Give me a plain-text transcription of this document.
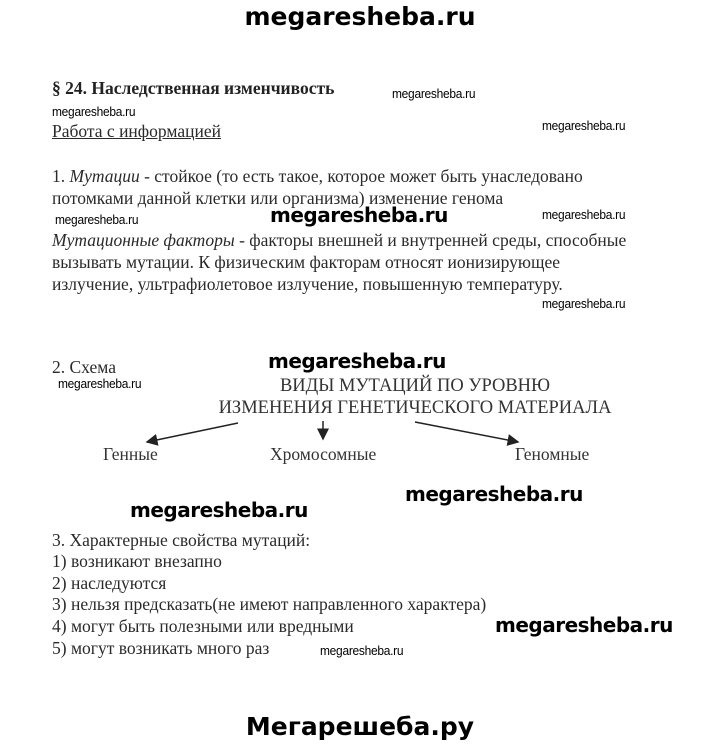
megaresheba.ru
§ 24. Наследственная изменчивость	megaresheba.ru
megaresheba.ru
Работа с информацией	megaresheba.ru
1. Мутации - стойкое (то есть такое, которое может быть унаследовано
потомками данной клетки или организма) изменение генома
megaresheba.ru	megaresheba.ru	megaresheba.ru
Мутационные факторы - факторы внешней и внутренней среды, способные
вызывать мутации. К физическим факторам относят ионизирующее
излучение, ультрафиолетовое излучение, повышенную температуру.
megaresheba.ru
2. Схема	megaresheba.ru
megaresheba.ru	ВИДЫ МУТАЦИЙ ПО УРОВНЮ
ИЗМЕНЕНИЯ ГЕНЕТИЧЕСКОГО МАТЕРИАЛА
Генные	Хромосомные	Геномные
megaresheba.ru
megaresheba.ru
3. Характерные свойства мутаций:
1) возникают внезапно
2) наследуются
3) нельзя предсказать(не имеют направленного характера)
4) могут быть полезными или вредными
5) могут возникать много раз	megaresheba.ru
megaresheba.ru
Мегарешеба.ру
